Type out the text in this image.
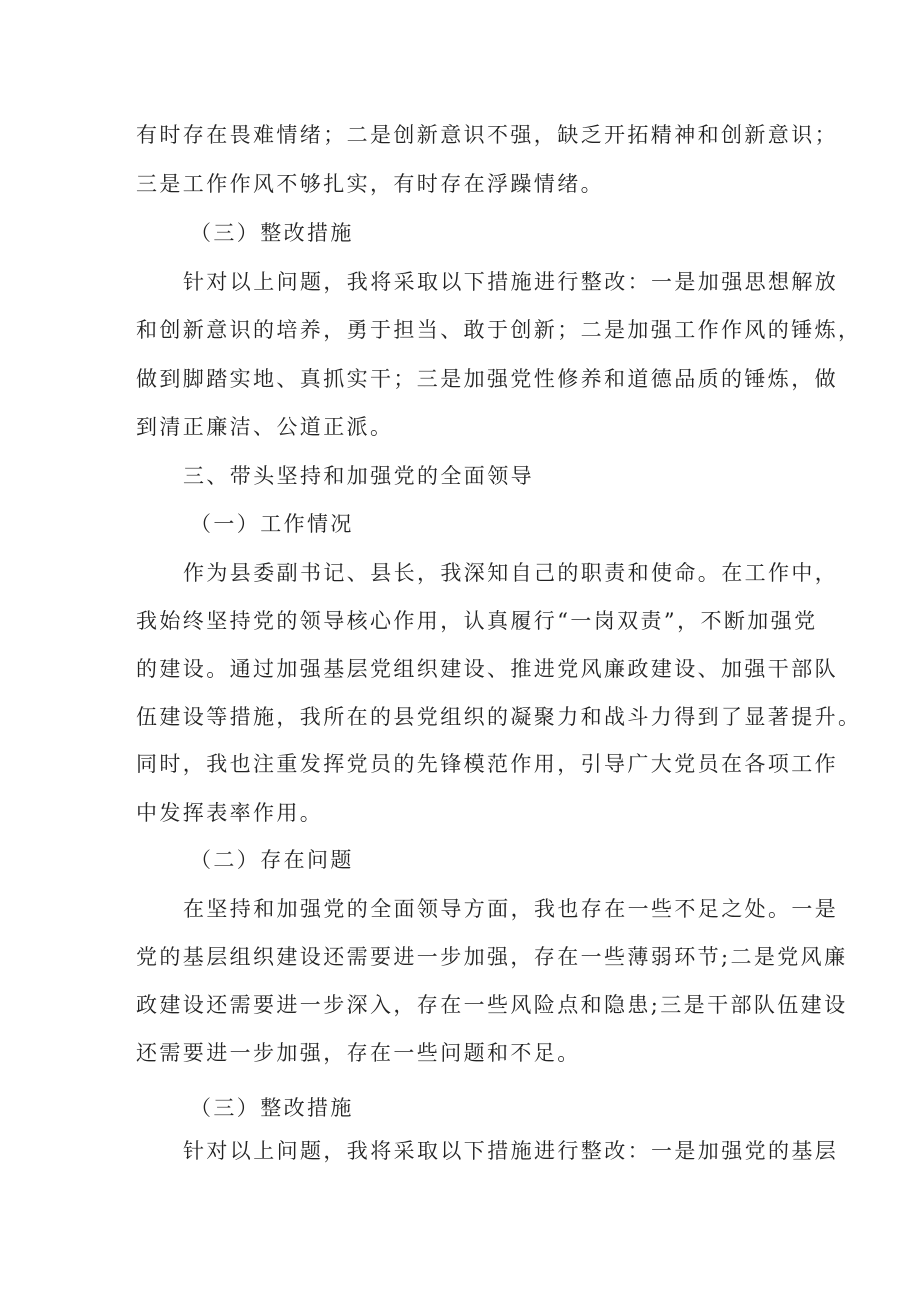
有时存在畏难情绪；二是创新意识不强，缺乏开拓精神和创新意识；
三是工作作风不够扎实，有时存在浮躁情绪。
（三）整改措施
针对以上问题，我将采取以下措施进行整改：一是加强思想解放
和创新意识的培养，勇于担当、敢于创新；二是加强工作作风的锤炼，
做到脚踏实地、真抓实干；三是加强党性修养和道德品质的锤炼，做
到清正廉洁、公道正派。
三、带头坚持和加强党的全面领导
（一）工作情况
作为县委副书记、县长，我深知自己的职责和使命。在工作中，
我始终坚持党的领导核心作用，认真履行“一岗双责”，不断加强党
的建设。通过加强基层党组织建设、推进党风廉政建设、加强干部队
伍建设等措施，我所在的县党组织的凝聚力和战斗力得到了显著提升。
同时，我也注重发挥党员的先锋模范作用，引导广大党员在各项工作
中发挥表率作用。
（二）存在问题
在坚持和加强党的全面领导方面，我也存在一些不足之处。一是
党的基层组织建设还需要进一步加强，存在一些薄弱环节;二是党风廉
政建设还需要进一步深入，存在一些风险点和隐患;三是干部队伍建设
还需要进一步加强，存在一些问题和不足。
（三）整改措施
针对以上问题，我将采取以下措施进行整改：一是加强党的基层
